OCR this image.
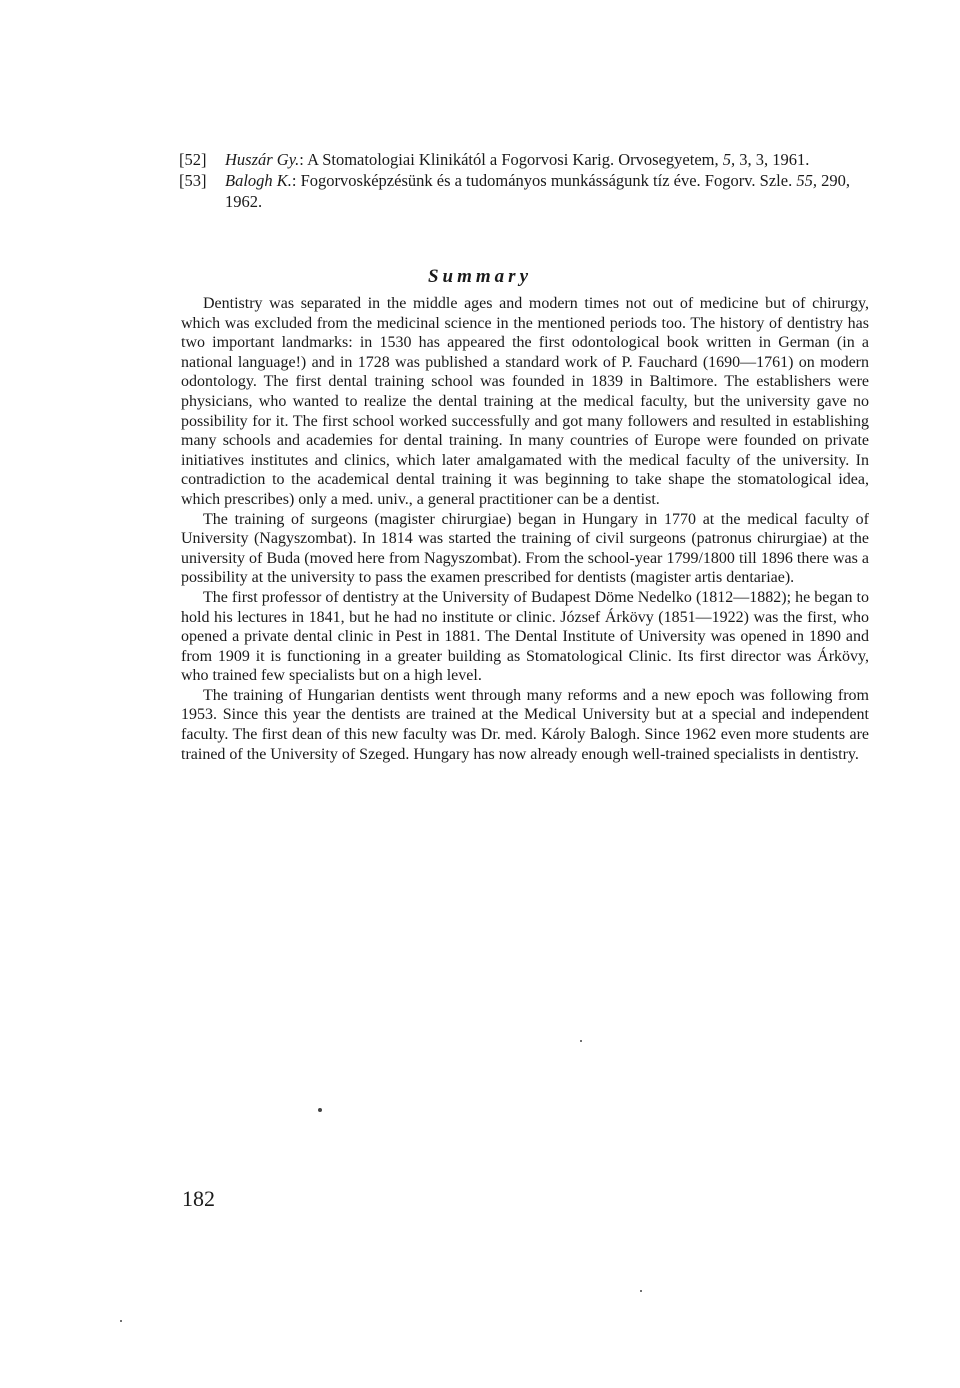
[52] Huszár Gy.: A Stomatologiai Klinikától a Fogorvosi Karig. Orvosegyetem, 5, 3, 3, 1961.

[53] Balogh K.: Fogorvosképzésünk és a tudományos munkásságunk tíz éve. Fogorv. Szle. 55, 290, 1962.

Summary

Dentistry was separated in the middle ages and modern times not out of medicine but of chirurgy, which was excluded from the medicinal science in the mentioned periods too. The history of dentistry has two important landmarks: in 1530 has appeared the first odontological book written in German (in a national language!) and in 1728 was published a standard work of P. Fauchard (1690—1761) on modern odontology. The first dental training school was founded in 1839 in Baltimore. The establishers were physicians, who wanted to realize the dental training at the medical faculty, but the university gave no possibility for it. The first school worked successfully and got many followers and resulted in establishing many schools and academies for dental training. In many countries of Europe were founded on private initiatives institutes and clinics, which later amalgamated with the medical faculty of the university. In contradiction to the academical dental training it was beginning to take shape the stomatological idea, which prescribes) only a med. univ., a general practitioner can be a dentist.

The training of surgeons (magister chirurgiae) began in Hungary in 1770 at the medical faculty of University (Nagyszombat). In 1814 was started the training of civil surgeons (patronus chirurgiae) at the university of Buda (moved here from Nagyszombat). From the school-year 1799/1800 till 1896 there was a possibility at the university to pass the examen prescribed for dentists (magister artis dentariae).

The first professor of dentistry at the University of Budapest Döme Nedelko (1812—1882); he began to hold his lectures in 1841, but he had no institute or clinic. József Árkövy (1851—1922) was the first, who opened a private dental clinic in Pest in 1881. The Dental Institute of University was opened in 1890 and from 1909 it is functioning in a greater building as Stomatological Clinic. Its first director was Árkövy, who trained few specialists but on a high level.

The training of Hungarian dentists went through many reforms and a new epoch was following from 1953. Since this year the dentists are trained at the Medical University but at a special and independent faculty. The first dean of this new faculty was Dr. med. Károly Balogh. Since 1962 even more students are trained of the University of Szeged. Hungary has now already enough well-trained specialists in dentistry.

182
